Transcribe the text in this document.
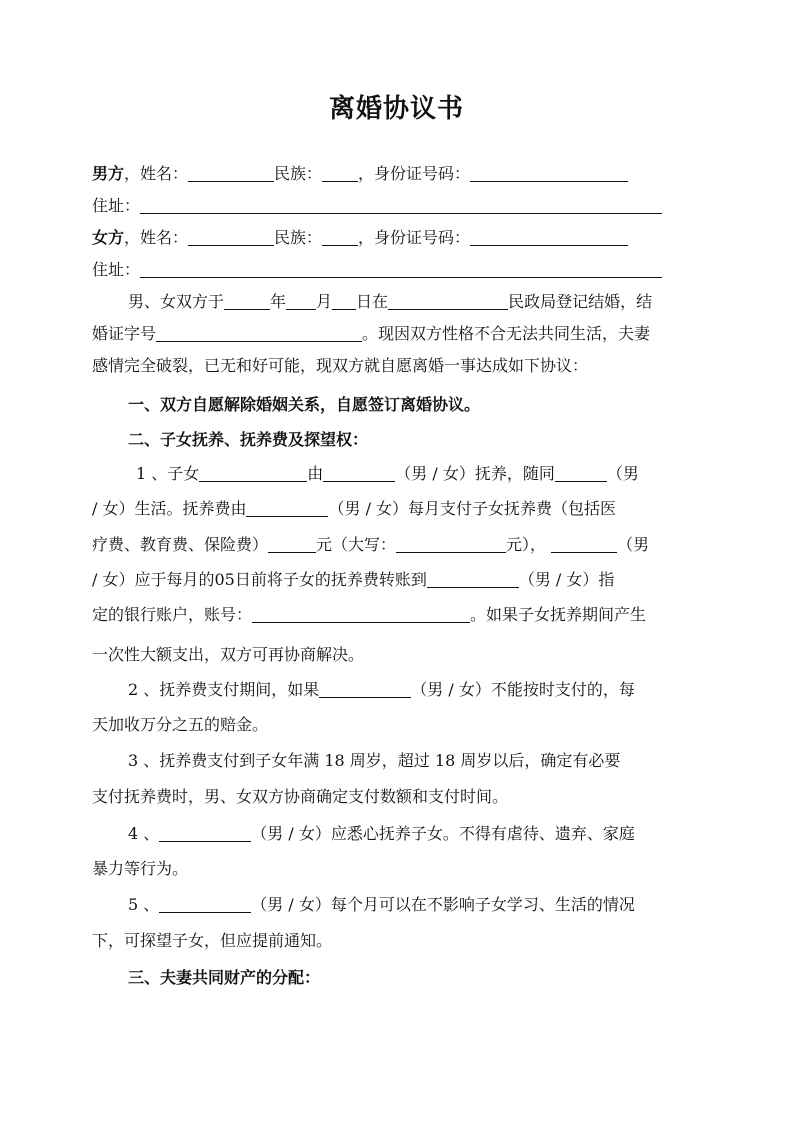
离婚协议书
男方，姓名：	民族： ，身份证号码：
住址：
女方，姓名：	民族： ，身份证号码：
住址：
男、女双方于	年 月 日在	民政局登记结婚，结
婚证字号	。现因双方性格不合无法共同生活，夫妻
感情完全破裂，已无和好可能，现双方就自愿离婚一事达成如下协议：
一、双方自愿解除婚姻关系，自愿签订离婚协议。
二、子女抚养、抚养费及探望权：
1 、子女	由	（男 / 女）抚养，随同	（男
/ 女）生活。抚养费由	（男 / 女）每月支付子女抚养费（包括医
疗费、教育费、保险费）	元（大写：	元），	（男
/ 女）应于每月的05日前将子女的抚养费转账到	（男 / 女）指
定的银行账户，账号：	。如果子女抚养期间产生
一次性大额支出，双方可再协商解决。
2 、抚养费支付期间，如果	（男 / 女）不能按时支付的，每
天加收万分之五的赔金。
3 、抚养费支付到子女年满 18 周岁，超过 18 周岁以后，确定有必要
支付抚养费时，男、女双方协商确定支付数额和支付时间。
4 、	（男 / 女）应悉心抚养子女。不得有虐待、遗弃、家庭
暴力等行为。
5 、	（男 / 女）每个月可以在不影响子女学习、生活的情况
下，可探望子女，但应提前通知。
三、夫妻共同财产的分配：
